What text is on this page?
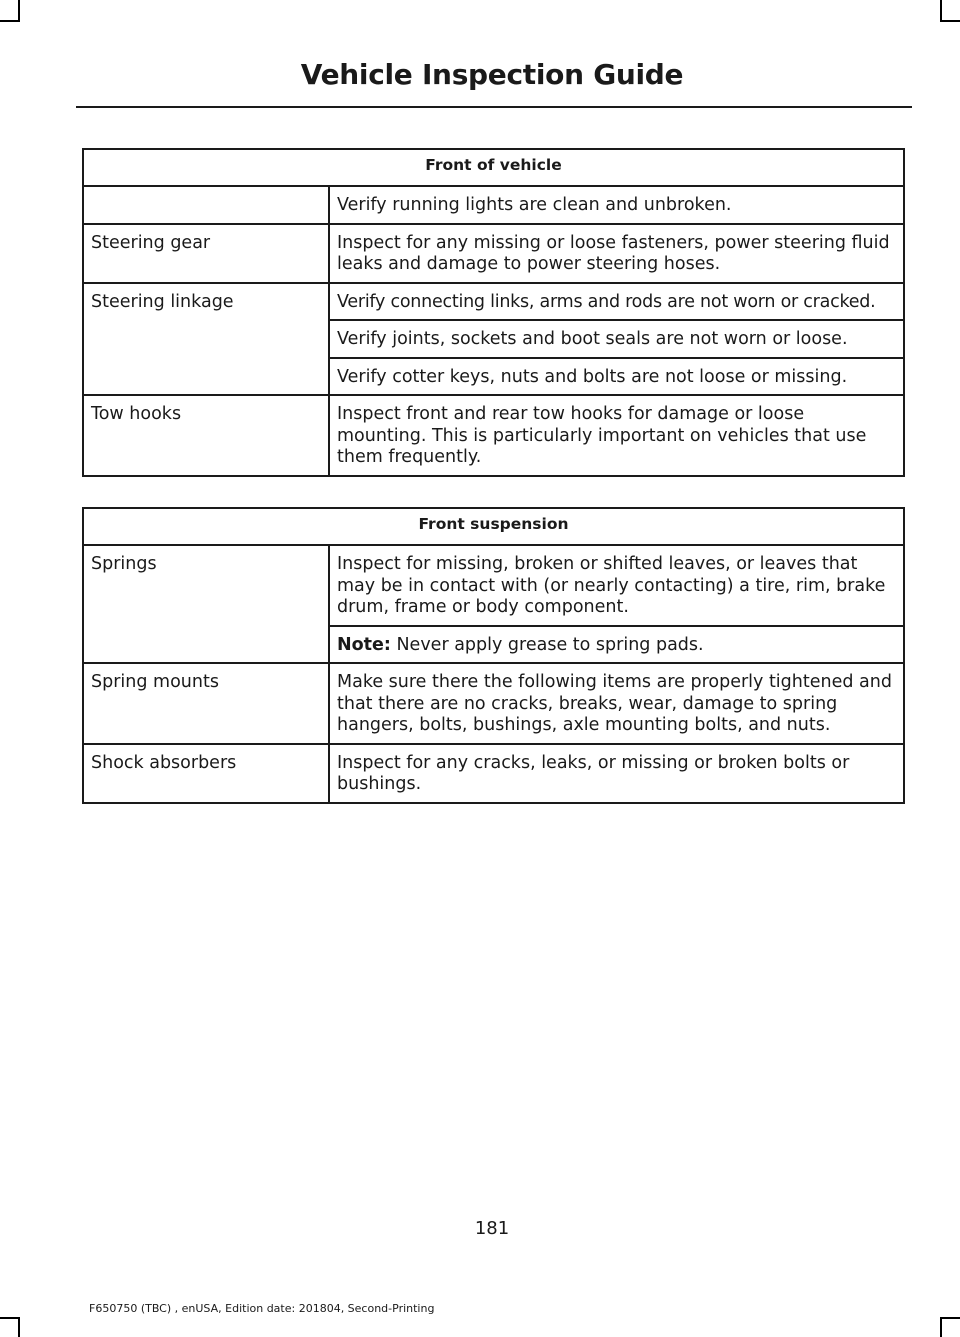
Vehicle Inspection Guide
Front of vehicle	
	Verify running lights are clean and unbroken.
Steering gear	Inspect for any missing or loose fasteners, power steering fluid leaks and damage to power steering hoses.
Steering linkage	Verify connecting links, arms and rods are not worn or cracked.
	Verify joints, sockets and boot seals are not worn or loose.
	Verify cotter keys, nuts and bolts are not loose or missing.
Tow hooks	Inspect front and rear tow hooks for damage or loose mounting. This is particularly important on vehicles that use them frequently.
Front suspension	
Springs	Inspect for missing, broken or shifted leaves, or leaves that may be in contact with (or nearly contacting) a tire, rim, brake drum, frame or body component.
	Note: Never apply grease to spring pads.
Spring mounts	Make sure there the following items are properly tightened and that there are no cracks, breaks, wear, damage to spring hangers, bolts, bushings, axle mounting bolts, and nuts.
Shock absorbers	Inspect for any cracks, leaks, or missing or broken bolts or bushings.
181
F650750 (TBC) , enUSA, Edition date: 201804, Second-Printing
